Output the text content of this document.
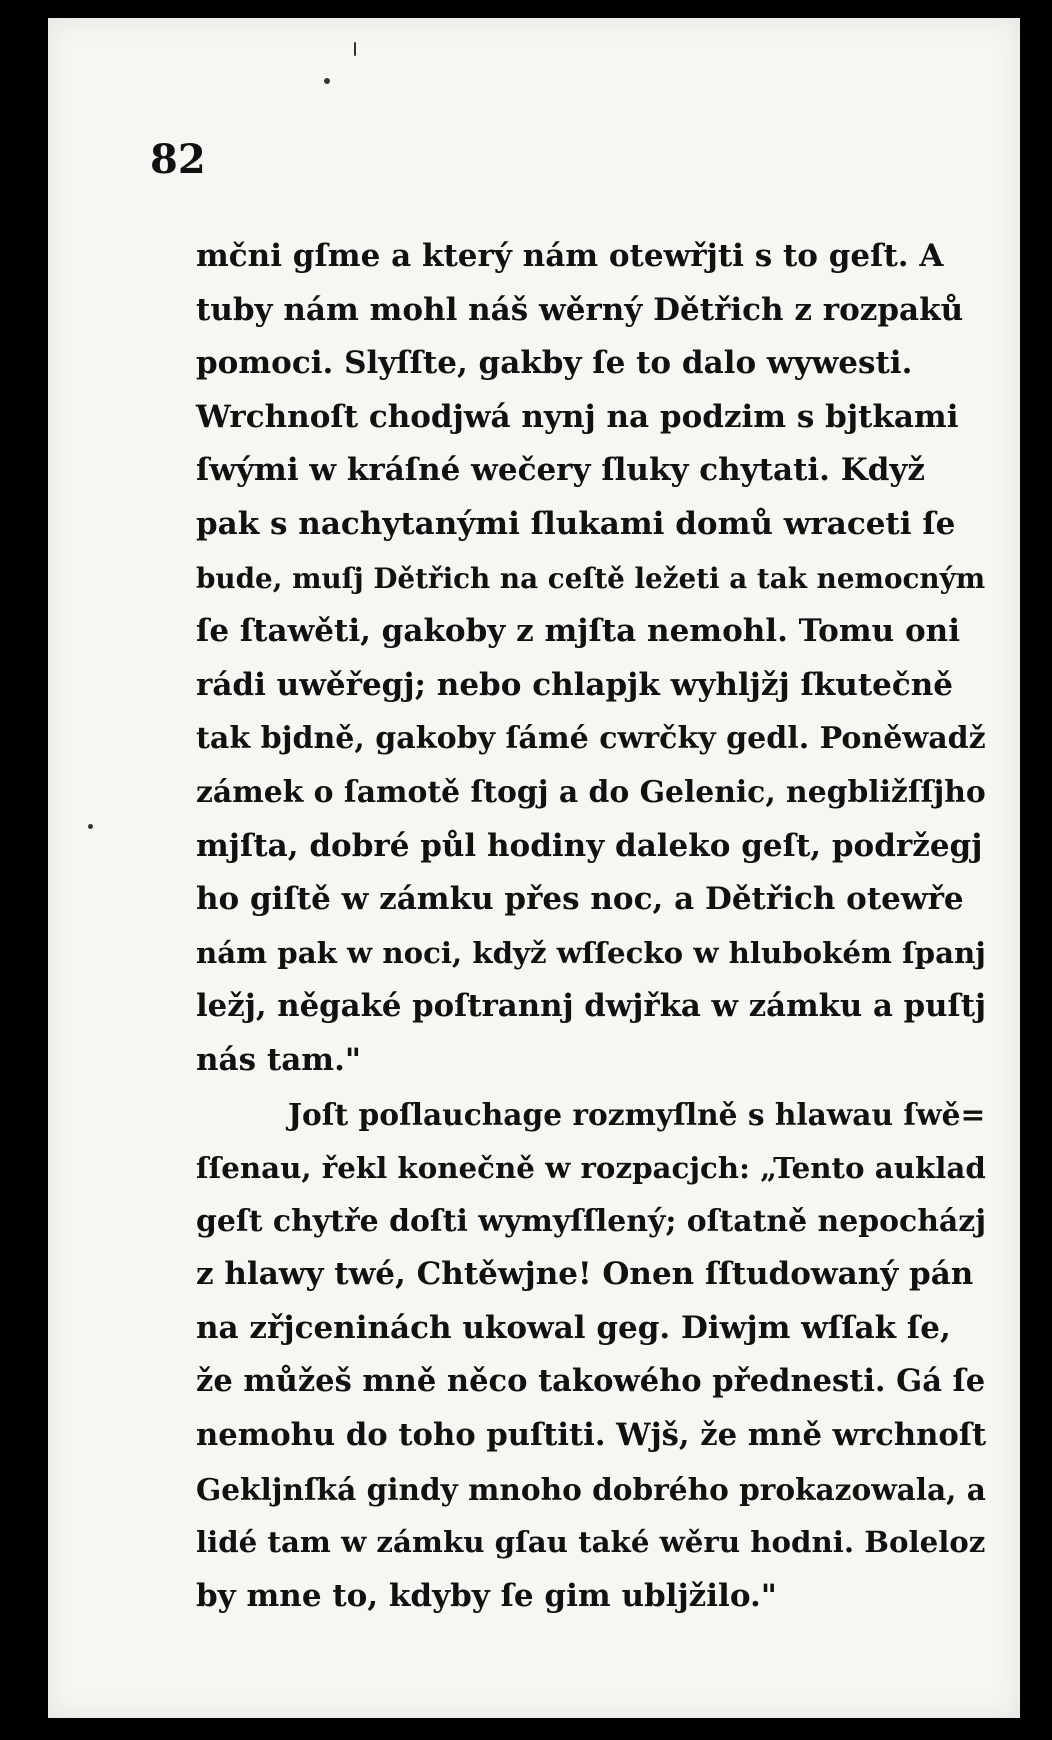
82

mčni gſme a který nám otewřjti s to geſt. A
tuby nám mohl náš wěrný Dětřich z rozpaků
pomoci. Slyſſte, gakby ſe to dalo wywesti.
Wrchnoſt chodjwá nynj na podzim s bjtkami
ſwými w kráſné wečery ſluky chytati. Když
pak s nachytanými ſlukami domů wraceti ſe
bude, muſj Dětřich na ceſtě ležeti a tak nemocným
ſe ſtawěti, gakoby z mjſta nemohl. Tomu oni
rádi uwěřegj; nebo chlapjk wyhljžj ſkutečně
tak bjdně, gakoby ſámé cwrčky gedl. Poněwadž
zámek o ſamotě ſtogj a do Gelenic, negbližſſjho
mjſta, dobré půl hodiny daleko geſt, podržegj
ho giſtě w zámku přes noc, a Dětřich otewře
nám pak w noci, když wſſecko w hlubokém ſpanj
ležj, něgaké poſtrannj dwjřka w zámku a puſtj
nás tam."
Joſt poſlauchage rozmyſlně s hlawau ſwě=
ſſenau, řekl konečně w rozpacjch: „Tento auklad
geſt chytře doſti wymyſſlený; oſtatně nepocházj
z hlawy twé, Chtěwjne! Onen ſſtudowaný pán
na zřjceninách ukowal geg. Diwjm wſſak ſe,
že můžeš mně něco takowého přednesti. Gá ſe
nemohu do toho puſtiti. Wjš, že mně wrchnoſt
Gekljnſká gindy mnoho dobrého prokazowala, a
lidé tam w zámku gſau také wěru hodni. Boleloz
by mne to, kdyby ſe gim ubljžilo."
